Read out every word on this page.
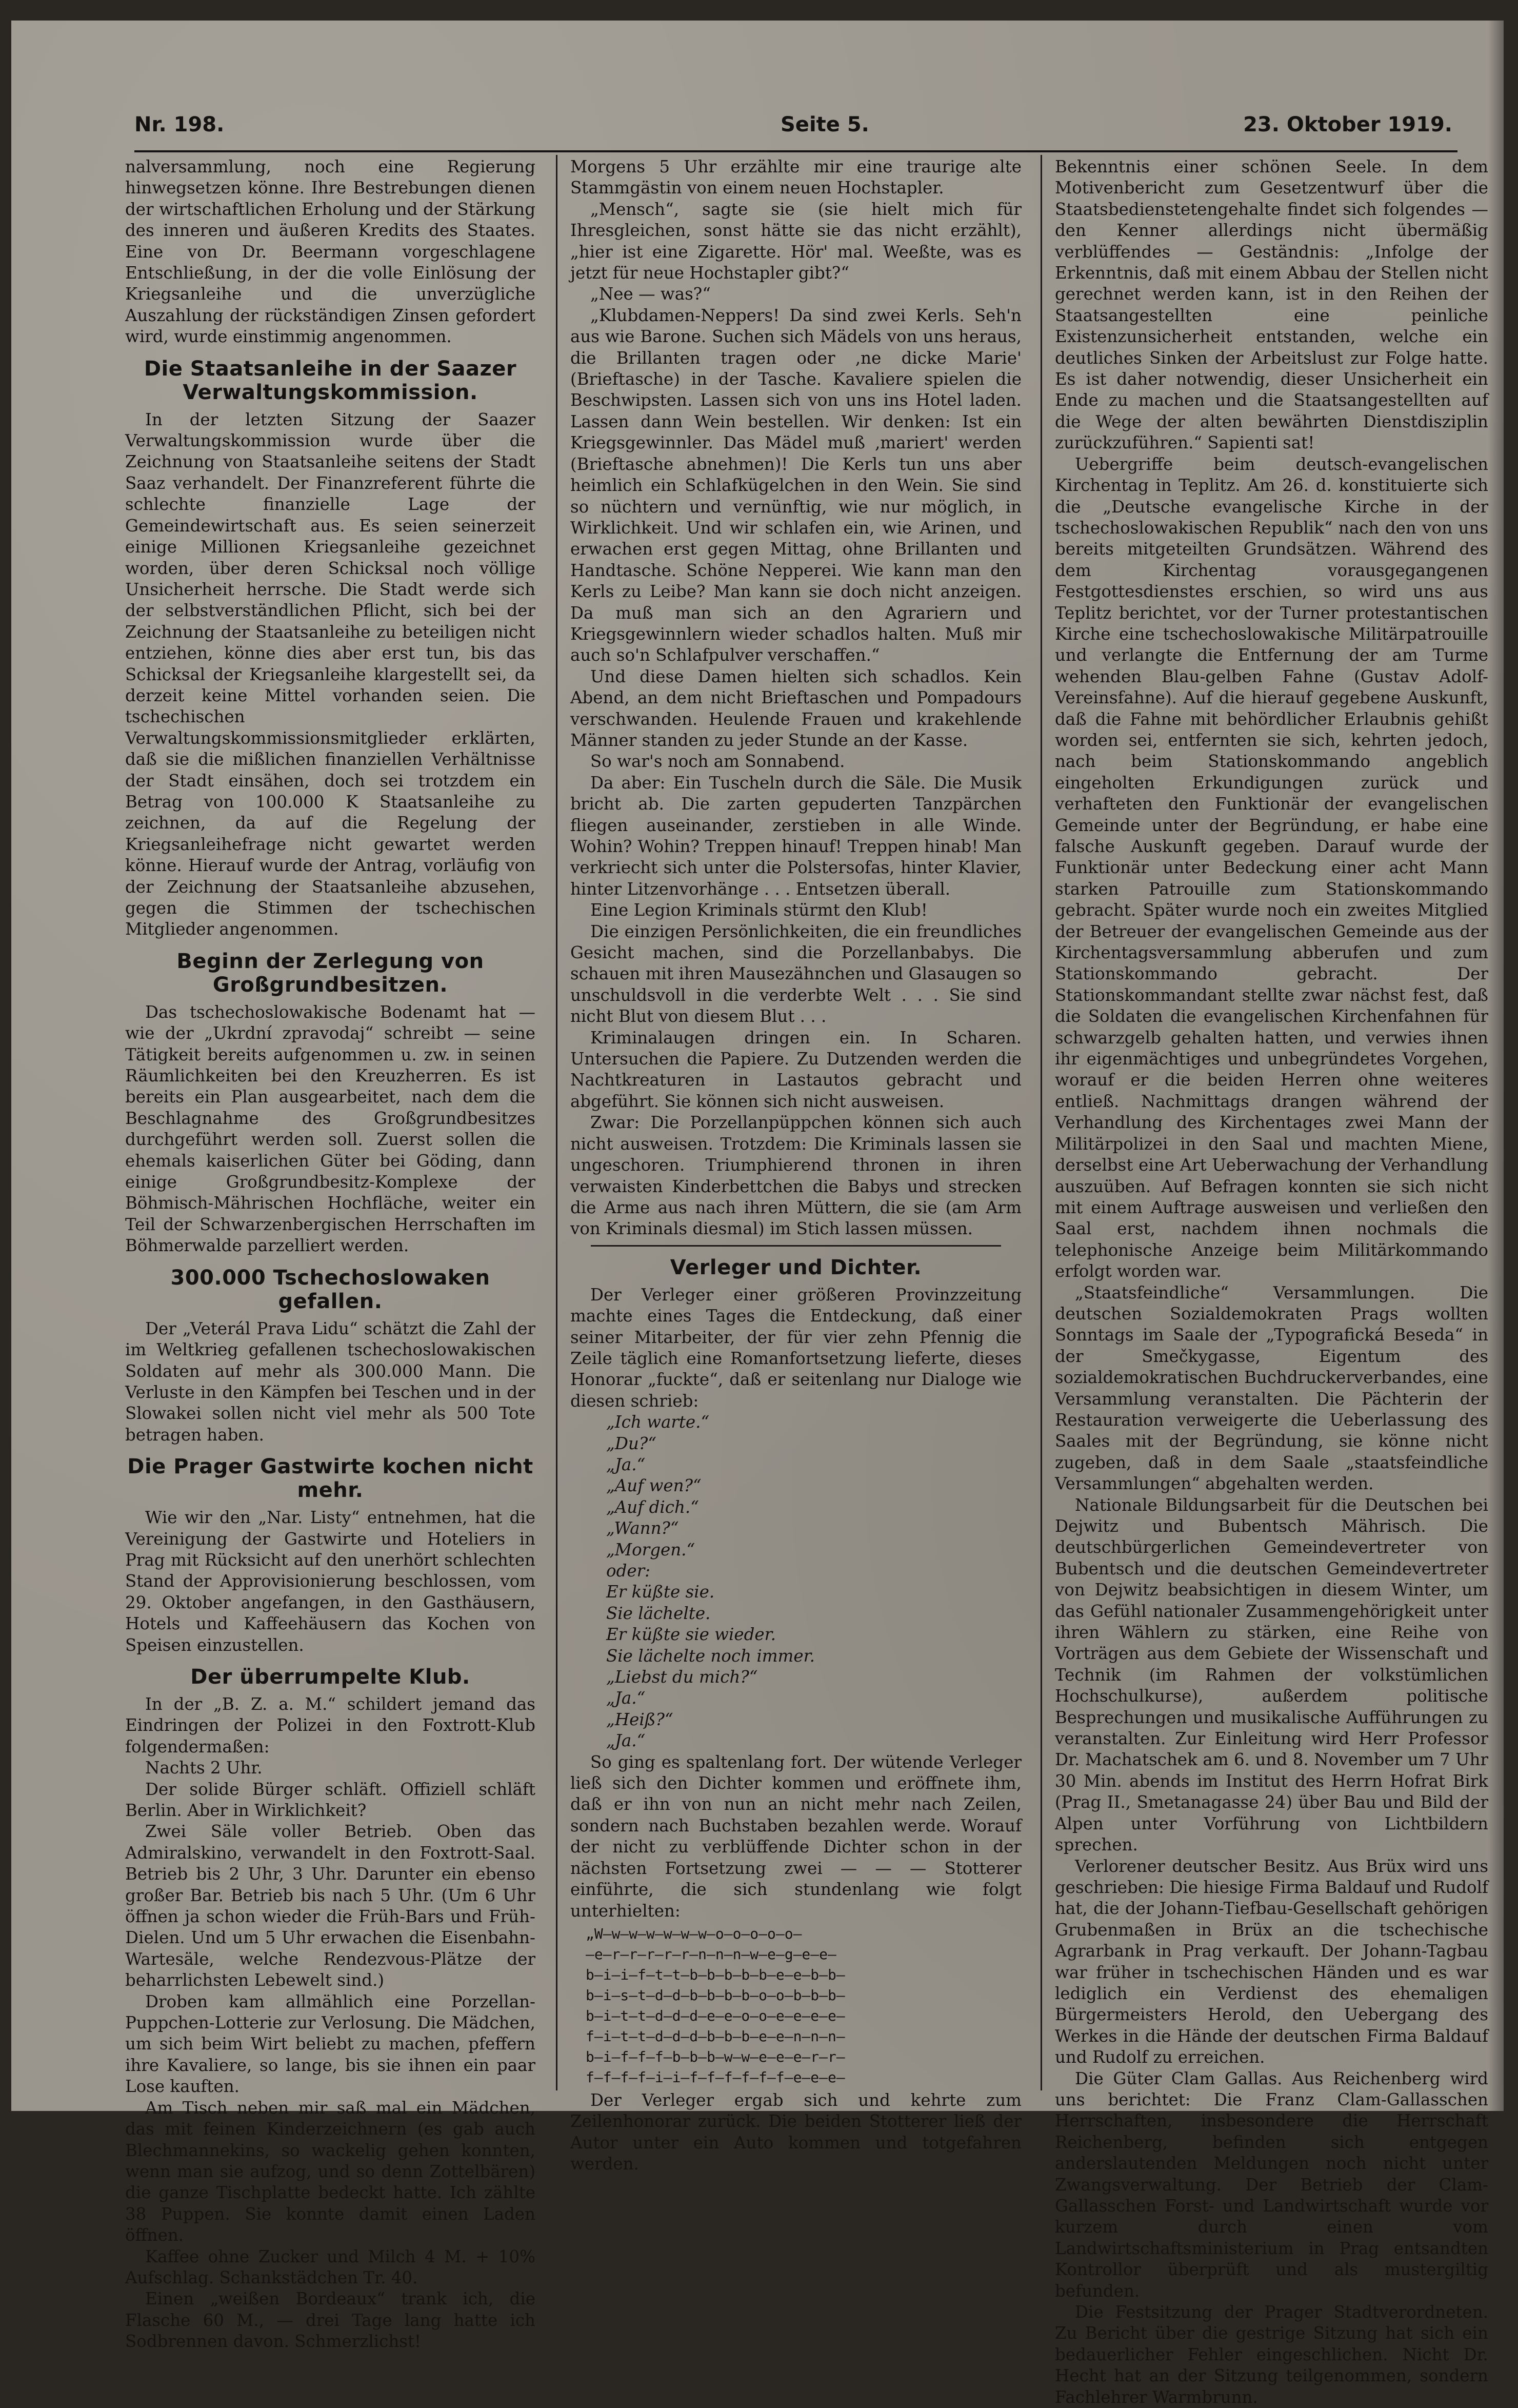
Nr. 198.	Seite 5.	23. Oktober 1919.

nalversammlung, noch eine Regierung hinwegsetzen könne. Ihre Bestrebungen dienen der wirtschaftlichen Erholung und der Stärkung des inneren und äußeren Kredits des Staates. Eine von Dr. Beermann vorgeschlagene Entschließung, in der die volle Einlösung der Kriegsanleihe und die unverzügliche Auszahlung der rückständigen Zinsen gefordert wird, wurde einstimmig angenommen.

Die Staatsanleihe in der Saazer Verwaltungskommission.

In der letzten Sitzung der Saazer Verwaltungskommission wurde über die Zeichnung von Staatsanleihe seitens der Stadt Saaz verhandelt. Der Finanzreferent führte die schlechte finanzielle Lage der Gemeindewirtschaft aus. Es seien seinerzeit einige Millionen Kriegsanleihe gezeichnet worden, über deren Schicksal noch völlige Unsicherheit herrsche. Die Stadt werde sich der selbstverständlichen Pflicht, sich bei der Zeichnung der Staatsanleihe zu beteiligen nicht entziehen, könne dies aber erst tun, bis das Schicksal der Kriegsanleihe klargestellt sei, da derzeit keine Mittel vorhanden seien. Die tschechischen Verwaltungskommissionsmitglieder erklärten, daß sie die mißlichen finanziellen Verhältnisse der Stadt einsähen, doch sei trotzdem ein Betrag von 100.000 K Staatsanleihe zu zeichnen, da auf die Regelung der Kriegsanleihefrage nicht gewartet werden könne. Hierauf wurde der Antrag, vorläufig von der Zeichnung der Staatsanleihe abzusehen, gegen die Stimmen der tschechischen Mitglieder angenommen.

Beginn der Zerlegung von Großgrundbesitzen.

Das tschechoslowakische Bodenamt hat — wie der „Ukrdní zpravodaj“ schreibt — seine Tätigkeit bereits aufgenommen u. zw. in seinen Räumlichkeiten bei den Kreuzherren. Es ist bereits ein Plan ausgearbeitet, nach dem die Beschlagnahme des Großgrundbesitzes durchgeführt werden soll. Zuerst sollen die ehemals kaiserlichen Güter bei Göding, dann einige Großgrundbesitz-Komplexe der Böhmisch-Mährischen Hochfläche, weiter ein Teil der Schwarzenbergischen Herrschaften im Böhmerwalde parzelliert werden.

300.000 Tschechoslowaken gefallen.

Der „Veterál Prava Lidu“ schätzt die Zahl der im Weltkrieg gefallenen tschechoslowakischen Soldaten auf mehr als 300.000 Mann. Die Verluste in den Kämpfen bei Teschen und in der Slowakei sollen nicht viel mehr als 500 Tote betragen haben.

Die Prager Gastwirte kochen nicht mehr.

Wie wir den „Nar. Listy“ entnehmen, hat die Vereinigung der Gastwirte und Hoteliers in Prag mit Rücksicht auf den unerhört schlechten Stand der Approvisionierung beschlossen, vom 29. Oktober angefangen, in den Gasthäusern, Hotels und Kaffeehäusern das Kochen von Speisen einzustellen.

Der überrumpelte Klub.

In der „B. Z. a. M.“ schildert jemand das Eindringen der Polizei in den Foxtrott-Klub folgendermaßen:

Nachts 2 Uhr.

Der solide Bürger schläft. Offiziell schläft Berlin. Aber in Wirklichkeit?

Zwei Säle voller Betrieb. Oben das Admiralskino, verwandelt in den Foxtrott-Saal. Betrieb bis 2 Uhr, 3 Uhr. Darunter ein ebenso großer Bar. Betrieb bis nach 5 Uhr. (Um 6 Uhr öffnen ja schon wieder die Früh-Bars und Früh-Dielen. Und um 5 Uhr erwachen die Eisenbahn-Wartesäle, welche Rendezvous-Plätze der beharrlichsten Lebewelt sind.)

Droben kam allmählich eine Porzellan-Puppchen-Lotterie zur Verlosung. Die Mädchen, um sich beim Wirt beliebt zu machen, pfeffern ihre Kavaliere, so lange, bis sie ihnen ein paar Lose kauften.

Am Tisch neben mir saß mal ein Mädchen, das mit feinen Kinderzeichnern (es gab auch Blechmannekins, so wackelig gehen konnten, wenn man sie aufzog, und so denn Zottelbären) die ganze Tischplatte bedeckt hatte. Ich zählte 38 Puppen. Sie konnte damit einen Laden öffnen.

Kaffee ohne Zucker und Milch 4 M. + 10% Aufschlag. Schankstädchen Tr. 40.

Einen „weißen Bordeaux“ trank ich, die Flasche 60 M., — drei Tage lang hatte ich Sodbrennen davon. Schmerzlichst!

Morgens 5 Uhr erzählte mir eine traurige alte Stammgästin von einem neuen Hochstapler.

„Mensch“, sagte sie (sie hielt mich für Ihresgleichen, sonst hätte sie das nicht erzählt), „hier ist eine Zigarette. Hör' mal. Weeßte, was es jetzt für neue Hochstapler gibt?“

„Nee — was?“

„Klubdamen-Neppers! Da sind zwei Kerls. Seh'n aus wie Barone. Suchen sich Mädels von uns heraus, die Brillanten tragen oder ,ne dicke Marie' (Brieftasche) in der Tasche. Kavaliere spielen die Beschwipsten. Lassen sich von uns ins Hotel laden. Lassen dann Wein bestellen. Wir denken: Ist ein Kriegsgewinnler. Das Mädel muß ,mariert' werden (Brieftasche abnehmen)! Die Kerls tun uns aber heimlich ein Schlafkügelchen in den Wein. Sie sind so nüchtern und vernünftig, wie nur möglich, in Wirklichkeit. Und wir schlafen ein, wie Arinen, und erwachen erst gegen Mittag, ohne Brillanten und Handtasche. Schöne Nepperei. Wie kann man den Kerls zu Leibe? Man kann sie doch nicht anzeigen. Da muß man sich an den Agrariern und Kriegsgewinnlern wieder schadlos halten. Muß mir auch so'n Schlafpulver verschaffen.“

Und diese Damen hielten sich schadlos. Kein Abend, an dem nicht Brieftaschen und Pompadours verschwanden. Heulende Frauen und krakehlende Männer standen zu jeder Stunde an der Kasse.

So war's noch am Sonnabend.

Da aber: Ein Tuscheln durch die Säle. Die Musik bricht ab. Die zarten gepuderten Tanzpärchen fliegen auseinander, zerstieben in alle Winde. Wohin? Wohin? Treppen hinauf! Treppen hinab! Man verkriecht sich unter die Polstersofas, hinter Klavier, hinter Litzenvorhänge . . . Entsetzen überall.

Eine Legion Kriminals stürmt den Klub!

Die einzigen Persönlichkeiten, die ein freundliches Gesicht machen, sind die Porzellanbabys. Die schauen mit ihren Mausezähnchen und Glasaugen so unschuldsvoll in die verderbte Welt . . . Sie sind nicht Blut von diesem Blut . . .

Kriminalaugen dringen ein. In Scharen. Untersuchen die Papiere. Zu Dutzenden werden die Nachtkreaturen in Lastautos gebracht und abgeführt. Sie können sich nicht ausweisen.

Zwar: Die Porzellanpüppchen können sich auch nicht ausweisen. Trotzdem: Die Kriminals lassen sie ungeschoren. Triumphierend thronen in ihren verwaisten Kinderbettchen die Babys und strecken die Arme aus nach ihren Müttern, die sie (am Arm von Kriminals diesmal) im Stich lassen müssen.

Verleger und Dichter.

Der Verleger einer größeren Provinzzeitung machte eines Tages die Entdeckung, daß einer seiner Mitarbeiter, der für vier zehn Pfennig die Zeile täglich eine Romanfortsetzung lieferte, dieses Honorar „fuckte“, daß er seitenlang nur Dialoge wie diesen schrieb:

„Ich warte.“
„Du?“
„Ja.“
„Auf wen?“
„Auf dich.“
„Wann?“
„Morgen.“
oder:
Er küßte sie.
Sie lächelte.
Er küßte sie wieder.
Sie lächelte noch immer.
„Liebst du mich?“
„Ja.“
„Heiß?“
„Ja.“

So ging es spaltenlang fort. Der wütende Verleger ließ sich den Dichter kommen und eröffnete ihm, daß er ihn von nun an nicht mehr nach Zeilen, sondern nach Buchstaben bezahlen werde. Worauf der nicht zu verblüffende Dichter schon in der nächsten Fortsetzung zwei — — — Stotterer einführte, die sich stundenlang wie folgt unterhielten:

„W—w—w—w—w—w—w—o—o—o—o—o—
—e—r—r—r—r—r—n—n—n—w—e—g—e—e—
b—i—i—f—t—t—b—b—b—b—b—e—e—b—b—
b—i—s—t—d—d—b—b—b—b—o—o—b—b—b—
b—i—t—t—d—d—d—e—e—o—o—e—e—e—e—
f—i—t—t—d—d—d—b—b—b—e—e—n—n—n—
b—i—f—f—f—b—b—b—w—w—e—e—e—r—r—
f—f—f—f—i—i—f—f—f—f—f—f—e—e—e—

Der Verleger ergab sich und kehrte zum Zeilenhonorar zurück. Die beiden Stotterer ließ der Autor unter ein Auto kommen und totgefahren werden.

Bekenntnis einer schönen Seele. In dem Motivenbericht zum Gesetzentwurf über die Staatsbedienstetengehalte findet sich folgendes — den Kenner allerdings nicht übermäßig verblüffendes — Geständnis: „Infolge der Erkenntnis, daß mit einem Abbau der Stellen nicht gerechnet werden kann, ist in den Reihen der Staatsangestellten eine peinliche Existenzunsicherheit entstanden, welche ein deutliches Sinken der Arbeitslust zur Folge hatte. Es ist daher notwendig, dieser Unsicherheit ein Ende zu machen und die Staatsangestellten auf die Wege der alten bewährten Dienstdisziplin zurückzuführen.“ Sapienti sat!

Uebergriffe beim deutsch-evangelischen Kirchentag in Teplitz. Am 26. d. konstituierte sich die „Deutsche evangelische Kirche in der tschechoslowakischen Republik“ nach den von uns bereits mitgeteilten Grundsätzen. Während des dem Kirchentag vorausgegangenen Festgottesdienstes erschien, so wird uns aus Teplitz berichtet, vor der Turner protestantischen Kirche eine tschechoslowakische Militärpatrouille und verlangte die Entfernung der am Turme wehenden Blau-gelben Fahne (Gustav Adolf-Vereinsfahne). Auf die hierauf gegebene Auskunft, daß die Fahne mit behördlicher Erlaubnis gehißt worden sei, entfernten sie sich, kehrten jedoch, nach beim Stationskommando angeblich eingeholten Erkundigungen zurück und verhafteten den Funktionär der evangelischen Gemeinde unter der Begründung, er habe eine falsche Auskunft gegeben. Darauf wurde der Funktionär unter Bedeckung einer acht Mann starken Patrouille zum Stationskommando gebracht. Später wurde noch ein zweites Mitglied der Betreuer der evangelischen Gemeinde aus der Kirchentagsversammlung abberufen und zum Stationskommando gebracht. Der Stationskommandant stellte zwar nächst fest, daß die Soldaten die evangelischen Kirchenfahnen für schwarzgelb gehalten hatten, und verwies ihnen ihr eigenmächtiges und unbegründetes Vorgehen, worauf er die beiden Herren ohne weiteres entließ. Nachmittags drangen während der Verhandlung des Kirchentages zwei Mann der Militärpolizei in den Saal und machten Miene, derselbst eine Art Ueberwachung der Verhandlung auszuüben. Auf Befragen konnten sie sich nicht mit einem Auftrage ausweisen und verließen den Saal erst, nachdem ihnen nochmals die telephonische Anzeige beim Militärkommando erfolgt worden war.

„Staatsfeindliche“ Versammlungen. Die deutschen Sozialdemokraten Prags wollten Sonntags im Saale der „Typografická Beseda“ in der Smečkygasse, Eigentum des sozialdemokratischen Buchdruckerverbandes, eine Versammlung veranstalten. Die Pächterin der Restauration verweigerte die Ueberlassung des Saales mit der Begründung, sie könne nicht zugeben, daß in dem Saale „staatsfeindliche Versammlungen“ abgehalten werden.

Nationale Bildungsarbeit für die Deutschen bei Dejwitz und Bubentsch Mährisch. Die deutschbürgerlichen Gemeindevertreter von Bubentsch und die deutschen Gemeindevertreter von Dejwitz beabsichtigen in diesem Winter, um das Gefühl nationaler Zusammengehörigkeit unter ihren Wählern zu stärken, eine Reihe von Vorträgen aus dem Gebiete der Wissenschaft und Technik (im Rahmen der volkstümlichen Hochschulkurse), außerdem politische Besprechungen und musikalische Aufführungen zu veranstalten. Zur Einleitung wird Herr Professor Dr. Machatschek am 6. und 8. November um 7 Uhr 30 Min. abends im Institut des Herrn Hofrat Birk (Prag II., Smetanagasse 24) über Bau und Bild der Alpen unter Vorführung von Lichtbildern sprechen.

Verlorener deutscher Besitz. Aus Brüx wird uns geschrieben: Die hiesige Firma Baldauf und Rudolf hat, die der Johann-Tiefbau-Gesellschaft gehörigen Grubenmaßen in Brüx an die tschechische Agrarbank in Prag verkauft. Der Johann-Tagbau war früher in tschechischen Händen und es war lediglich ein Verdienst des ehemaligen Bürgermeisters Herold, den Uebergang des Werkes in die Hände der deutschen Firma Baldauf und Rudolf zu erreichen.

Die Güter Clam Gallas. Aus Reichenberg wird uns berichtet: Die Franz Clam-Gallasschen Herrschaften, insbesondere die Herrschaft Reichenberg, befinden sich entgegen anderslautenden Meldungen noch nicht unter Zwangsverwaltung. Der Betrieb der Clam-Gallasschen Forst- und Landwirtschaft wurde vor kurzem durch einen vom Landwirtschaftsministerium in Prag entsandten Kontrollor überprüft und als mustergiltig befunden.

Die Festsitzung der Prager Stadtverordneten. Zu Bericht über die gestrige Sitzung hat sich ein bedauerlicher Fehler eingeschlichen. Nicht Dr. Hecht hat an der Sitzung teilgenommen, sondern Fachlehrer Warmbrunn.
